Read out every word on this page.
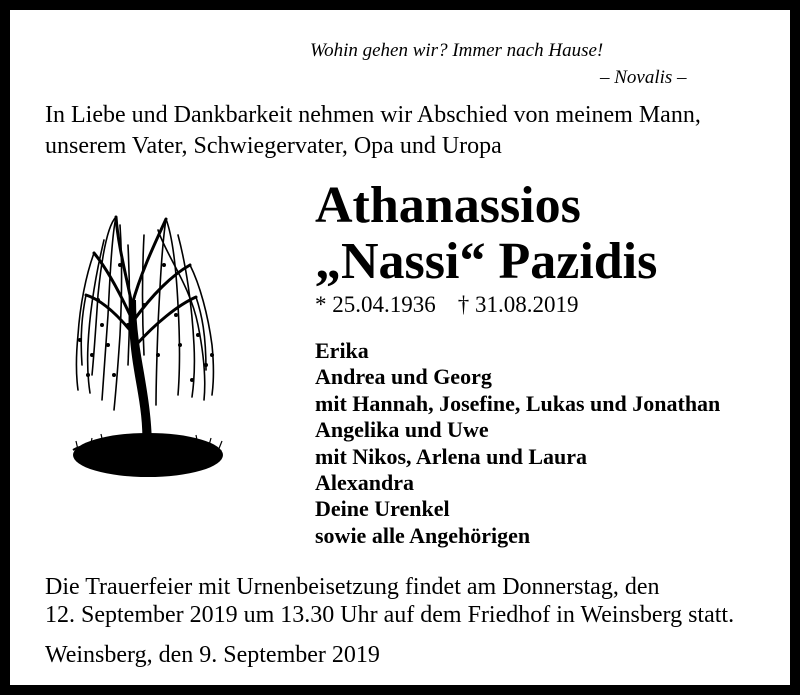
Wohin gehen wir? Immer nach Hause!
– Novalis –
In Liebe und Dankbarkeit nehmen wir Abschied von meinem Mann,
unserem Vater, Schwiegervater, Opa und Uropa
Athanassios
„Nassi“ Pazidis
* 25.04.1936 † 31.08.2019
Erika
Andrea und Georg
mit Hannah, Josefine, Lukas und Jonathan
Angelika und Uwe
mit Nikos, Arlena und Laura
Alexandra
Deine Urenkel
sowie alle Angehörigen
Die Trauerfeier mit Urnenbeisetzung findet am Donnerstag, den
12. September 2019 um 13.30 Uhr auf dem Friedhof in Weinsberg statt.
Weinsberg, den 9. September 2019
